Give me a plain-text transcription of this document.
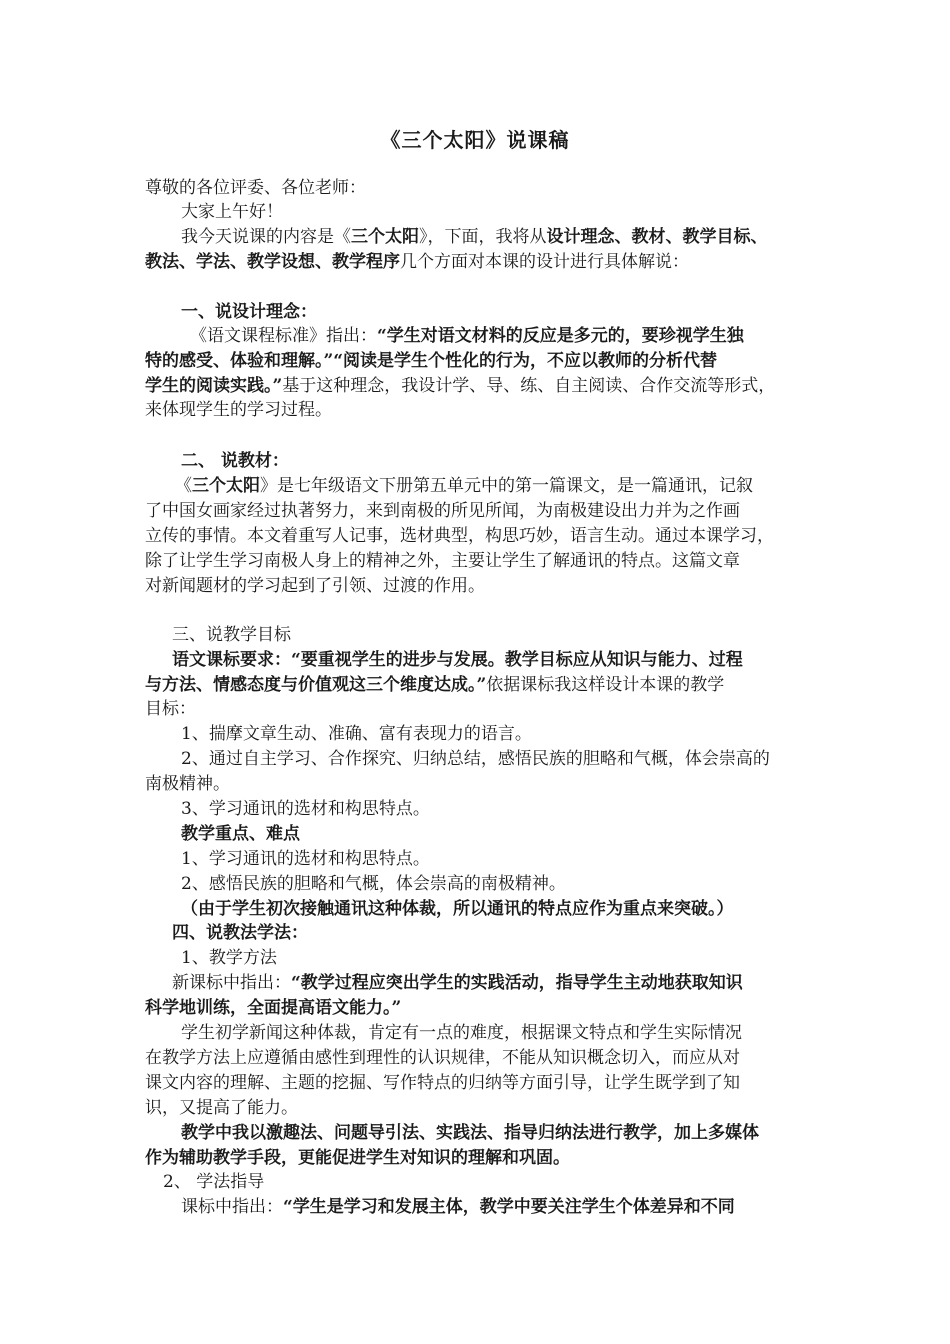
《三个太阳》说课稿
尊敬的各位评委、各位老师：
大家上午好！
我今天说课的内容是《三个太阳》，下面，我将从设计理念、教材、教学目标、
教法、学法、教学设想、教学程序几个方面对本课的设计进行具体解说：
一、说设计理念：
《语文课程标准》指出：“学生对语文材料的反应是多元的，要珍视学生独
特的感受、体验和理解。”“阅读是学生个性化的行为，不应以教师的分析代替
学生的阅读实践。”基于这种理念，我设计学、导、练、自主阅读、合作交流等形式，
来体现学生的学习过程。
二、 说教材：
《三个太阳》是七年级语文下册第五单元中的第一篇课文，是一篇通讯，记叙
了中国女画家经过执著努力，来到南极的所见所闻，为南极建设出力并为之作画
立传的事情。本文着重写人记事，选材典型，构思巧妙，语言生动。通过本课学习，
除了让学生学习南极人身上的精神之外，主要让学生了解通讯的特点。这篇文章
对新闻题材的学习起到了引领、过渡的作用。
三、说教学目标
语文课标要求：“要重视学生的进步与发展。教学目标应从知识与能力、过程
与方法、情感态度与价值观这三个维度达成。”依据课标我这样设计本课的教学
目标：
1、揣摩文章生动、准确、富有表现力的语言。
2、通过自主学习、合作探究、归纳总结，感悟民族的胆略和气概，体会崇高的
南极精神。
3、学习通讯的选材和构思特点。
教学重点、难点
1、学习通讯的选材和构思特点。
2、感悟民族的胆略和气概，体会崇高的南极精神。
（由于学生初次接触通讯这种体裁，所以通讯的特点应作为重点来突破。）
四、说教法学法：
1、教学方法
新课标中指出：“教学过程应突出学生的实践活动，指导学生主动地获取知识
科学地训练，全面提高语文能力。”
学生初学新闻这种体裁，肯定有一点的难度，根据课文特点和学生实际情况
在教学方法上应遵循由感性到理性的认识规律，不能从知识概念切入，而应从对
课文内容的理解、主题的挖掘、写作特点的归纳等方面引导，让学生既学到了知
识，又提高了能力。
教学中我以激趣法、问题导引法、实践法、指导归纳法进行教学，加上多媒体
作为辅助教学手段，更能促进学生对知识的理解和巩固。
2、 学法指导
课标中指出：“学生是学习和发展主体，教学中要关注学生个体差异和不同
